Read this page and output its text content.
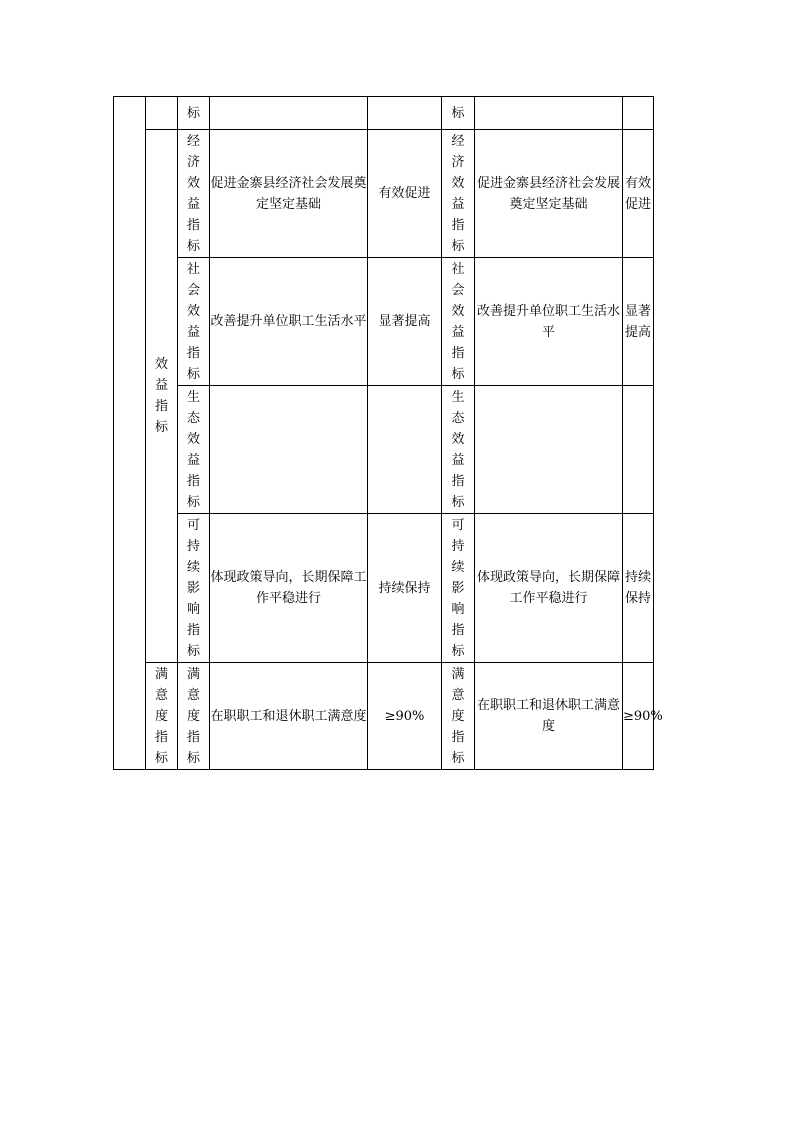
		标			标		

	效益指标	经济效益指标	促进金寨县经济社会发展奠定坚定基础	有效促进	经济效益指标	促进金寨县经济社会发展奠定坚定基础	有效促进

		社会效益指标	改善提升单位职工生活水平	显著提高	社会效益指标	改善提升单位职工生活水平	显著提高

		生态效益指标			生态效益指标		

		可持续影响指标	体现政策导向，长期保障工作平稳进行	持续保持	可持续影响指标	体现政策导向，长期保障工作平稳进行	持续保持

	满意度指标	满意度指标	在职职工和退休职工满意度	≥90%	满意度指标	在职职工和退休职工满意度	≥90%
